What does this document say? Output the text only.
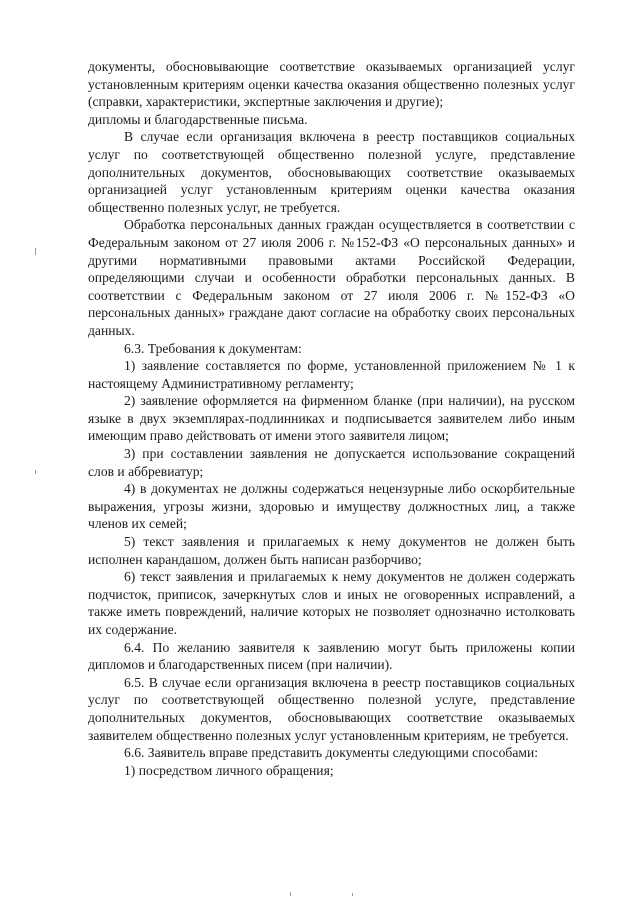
документы, обосновывающие соответствие оказываемых организацией услуг установленным критериям оценки качества оказания общественно полезных услуг (справки, характеристики, экспертные заключения и другие);

дипломы и благодарственные письма.

В случае если организация включена в реестр поставщиков социальных услуг по соответствующей общественно полезной услуге, представление дополнительных документов, обосновывающих соответствие оказываемых организацией услуг установленным критериям оценки качества оказания общественно полезных услуг, не требуется.

Обработка персональных данных граждан осуществляется в соответствии с Федеральным законом от 27 июля 2006 г. №152-ФЗ «О персональных данных» и другими нормативными правовыми актами Российской Федерации, определяющими случаи и особенности обработки персональных данных. В соответствии с Федеральным законом от 27 июля 2006 г. №152-ФЗ «О персональных данных» граждане дают согласие на обработку своих персональных данных.

6.3. Требования к документам:

1) заявление составляется по форме, установленной приложением № 1 к настоящему Административному регламенту;

2) заявление оформляется на фирменном бланке (при наличии), на русском языке в двух экземплярах-подлинниках и подписывается заявителем либо иным имеющим право действовать от имени этого заявителя лицом;

3) при составлении заявления не допускается использование сокращений слов и аббревиатур;

4) в документах не должны содержаться нецензурные либо оскорбительные выражения, угрозы жизни, здоровью и имуществу должностных лиц, а также членов их семей;

5) текст заявления и прилагаемых к нему документов не должен быть исполнен карандашом, должен быть написан разборчиво;

6) текст заявления и прилагаемых к нему документов не должен содержать подчисток, приписок, зачеркнутых слов и иных не оговоренных исправлений, а также иметь повреждений, наличие которых не позволяет однозначно истолковать их содержание.

6.4. По желанию заявителя к заявлению могут быть приложены копии дипломов и благодарственных писем (при наличии).

6.5. В случае если организация включена в реестр поставщиков социальных услуг по соответствующей общественно полезной услуге, представление дополнительных документов, обосновывающих соответствие оказываемых заявителем общественно полезных услуг установленным критериям, не требуется.

6.6. Заявитель вправе представить документы следующими способами:

1) посредством личного обращения;
